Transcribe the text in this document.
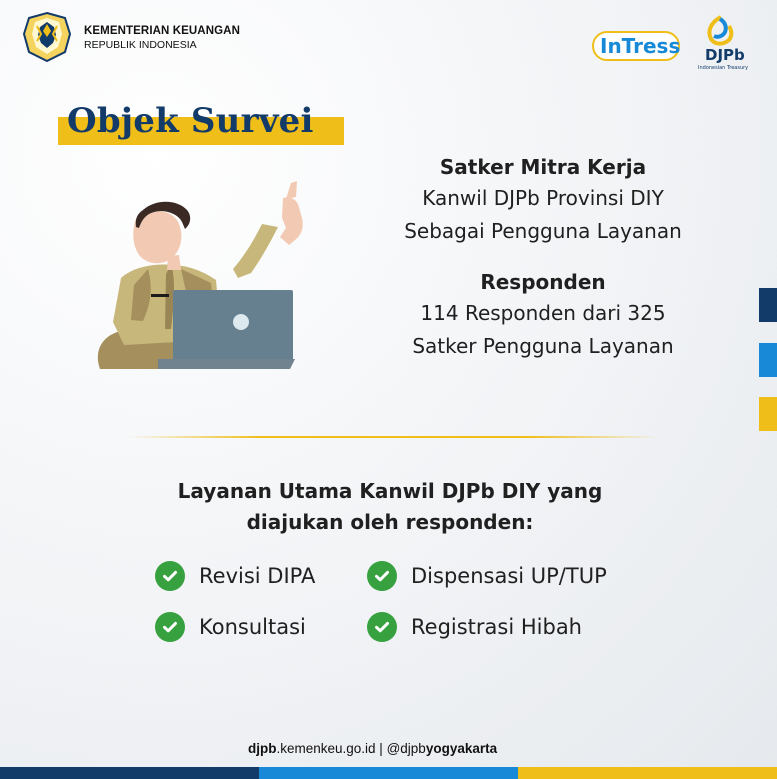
KEMENTERIAN KEUANGAN
REPUBLIK INDONESIA	InTress DJPb
Indonesian Treasury
Objek Survei
Satker Mitra Kerja
Kanwil DJPb Provinsi DIY
Sebagai Pengguna Layanan
Responden
114 Responden dari 325
Satker Pengguna Layanan
Layanan Utama Kanwil DJPb DIY yang
diajukan oleh responden:
Revisi DIPA	Dispensasi UP/TUP
Konsultasi	Registrasi Hibah
djpb.kemenkeu.go.id | @djpbyogyakarta
